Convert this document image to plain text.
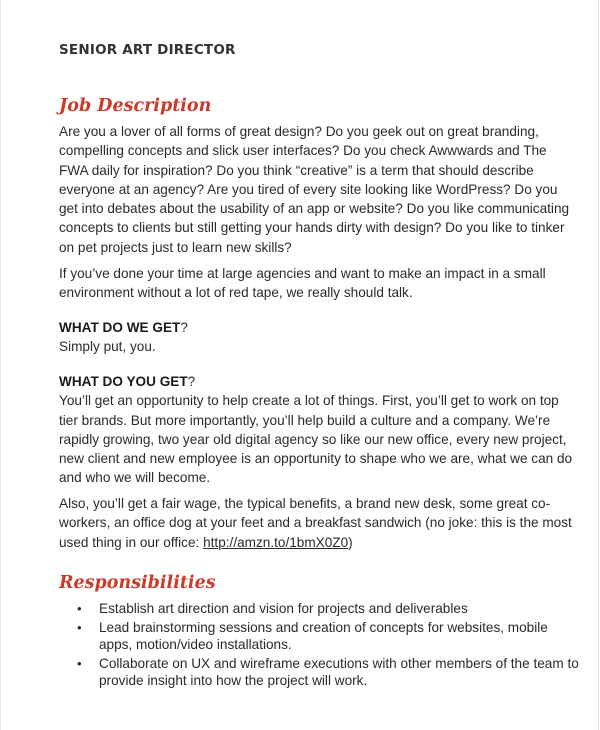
SENIOR ART DIRECTOR
Job Description

Are you a lover of all forms of great design? Do you geek out on great branding, compelling concepts and slick user interfaces? Do you check Awwwards and The FWA daily for inspiration? Do you think “creative” is a term that should describe everyone at an agency? Are you tired of every site looking like WordPress? Do you get into debates about the usability of an app or website? Do you like communicating concepts to clients but still getting your hands dirty with design? Do you like to tinker on pet projects just to learn new skills?

If you’ve done your time at large agencies and want to make an impact in a small environment without a lot of red tape, we really should talk.

WHAT DO WE GET?
Simply put, you.
WHAT DO YOU GET?
You’ll get an opportunity to help create a lot of things. First, you’ll get to work on top tier brands. But more importantly, you’ll help build a culture and a company. We’re rapidly growing, two year old digital agency so like our new office, every new project, new client and new employee is an opportunity to shape who we are, what we can do and who we will become.

Also, you’ll get a fair wage, the typical benefits, a brand new desk, some great co-workers, an office dog at your feet and a breakfast sandwich (no joke: this is the most used thing in our office: http://amzn.to/1bmX0Z0)

Responsibilities
• Establish art direction and vision for projects and deliverables
• Lead brainstorming sessions and creation of concepts for websites, mobile apps, motion/video installations.
• Collaborate on UX and wireframe executions with other members of the team to provide insight into how the project will work.
